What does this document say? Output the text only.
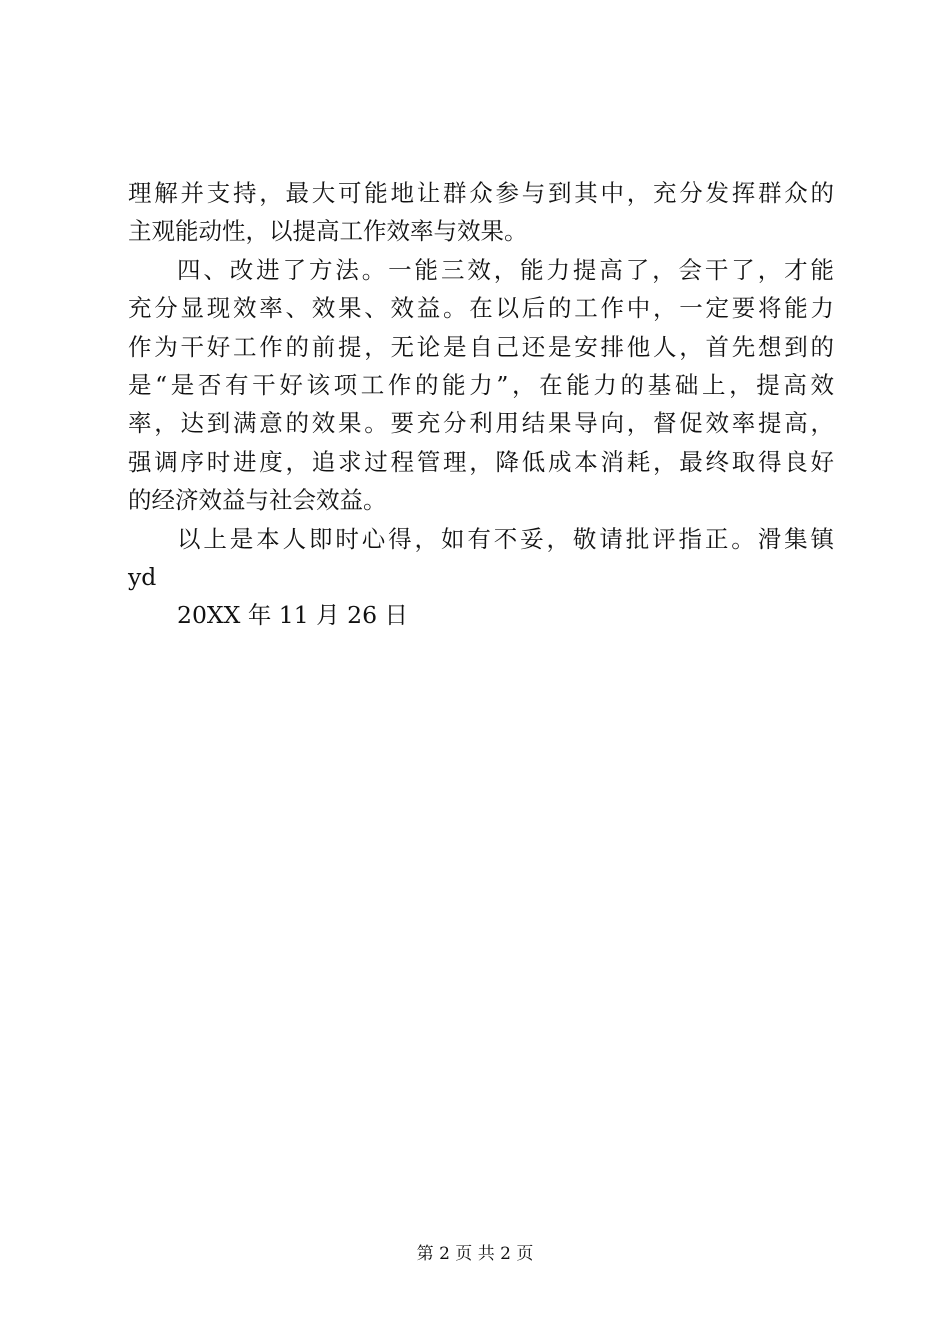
理解并支持，最大可能地让群众参与到其中，充分发挥群众的
主观能动性，以提高工作效率与效果。
四、改进了方法。一能三效，能力提高了，会干了，才能
充分显现效率、效果、效益。在以后的工作中，一定要将能力
作为干好工作的前提，无论是自己还是安排他人，首先想到的
是“是否有干好该项工作的能力”，在能力的基础上，提高效
率，达到满意的效果。要充分利用结果导向，督促效率提高，
强调序时进度，追求过程管理，降低成本消耗，最终取得良好
的经济效益与社会效益。
以上是本人即时心得，如有不妥，敬请批评指正。滑集镇
yd
20XX 年 11 月 26 日
第 2 页 共 2 页
